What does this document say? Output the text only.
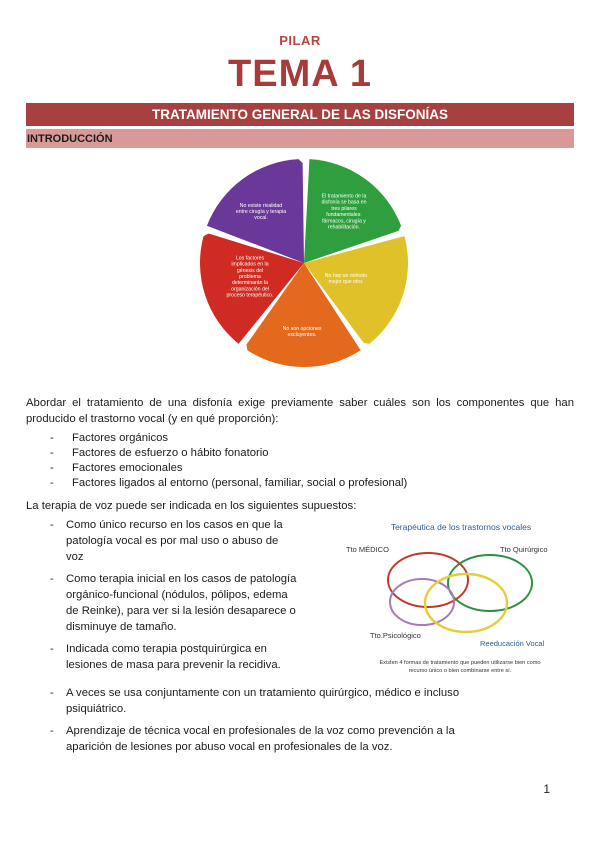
PILAR
TEMA 1
TRATAMIENTO GENERAL DE LAS DISFONÍAS
INTRODUCCIÓN
El tratamiento de la disfonía se basa en tres pilares fundamentales: fármacos, cirugía y rehabilitación.
No hay un método mejor que otro.
No son opciones excluyentes.
Los factores implicados en la génesis del problema determinarán la organización del proceso terapéutico.
No existe rivalidad entre cirugía y terapia vocal.
Abordar el tratamiento de una disfonía exige previamente saber cuáles son los componentes que han producido el trastorno vocal (y en qué proporción):
- Factores orgánicos
- Factores de esfuerzo o hábito fonatorio
- Factores emocionales
- Factores ligados al entorno (personal, familiar, social o profesional)
La terapia de voz puede ser indicada en los siguientes supuestos:
- Como único recurso en los casos en que la
patología vocal es por mal uso o abuso de
voz
- Como terapia inicial en los casos de patología
orgánico-funcional (nódulos, pólipos, edema
de Reinke), para ver si la lesión desaparece o
disminuye de tamaño.
- Indicada como terapia postquirúrgica en
lesiones de masa para prevenir la recidiva.
- A veces se usa conjuntamente con un tratamiento quirúrgico, médico e incluso
psiquiátrico.
- Aprendizaje de técnica vocal en profesionales de la voz como prevención a la
aparición de lesiones por abuso vocal en profesionales de la voz.
Terapéutica de los trastornos vocales
Tto MÉDICO	Tto Quirúrgico
Tto.Psicológico
Reeducación Vocal
Existen 4 formas de tratamiento que pueden utilizarse bien como
recurso único o bien combinarse entre sí.
1
